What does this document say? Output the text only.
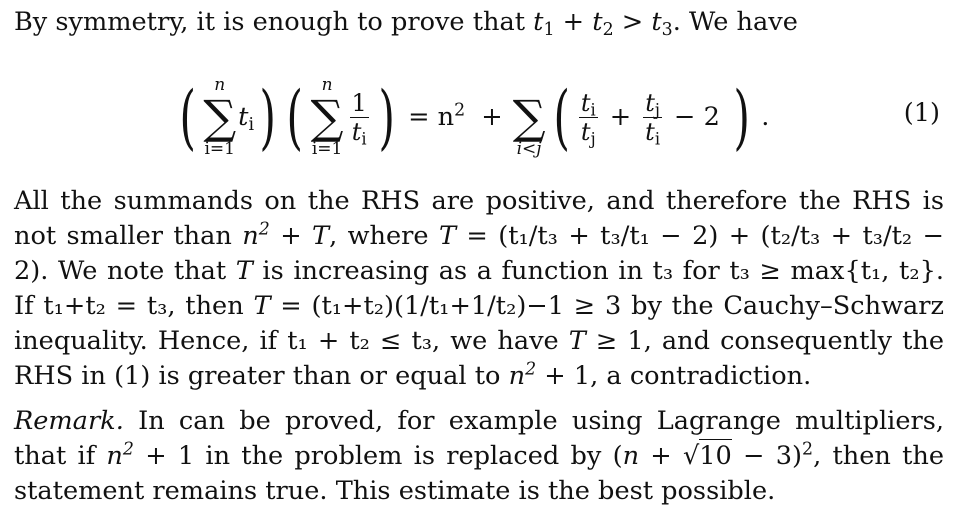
By symmetry, it is enough to prove that $t_1 + t_2 > t_3$. We have

( n
∑
i=1
$t_i$ ) ( n
∑
i=1
$\frac{1}{t_i}$ ) = $n^2$ + ∑
i<j ( $\frac{t_i}{t_j} + \frac{t_j}{t_i} - 2$ ) .	(1)

All the summands on the RHS are positive, and therefore the RHS is not smaller than $n^2 + T$, where T = (t₁/t₃ + t₃/t₁ − 2) + (t₂/t₃ + t₃/t₂ − 2). We note that T is increasing as a function in t₃ for t₃ ≥ max{t₁, t₂}. If t₁+t₂ = t₃, then T = (t₁+t₂)(1/t₁+1/t₂)−1 ≥ 3 by the Cauchy–Schwarz inequality. Hence, if t₁ + t₂ ≤ t₃, we have T ≥ 1, and consequently the RHS in (1) is greater than or equal to $n^2 + 1$, a contradiction.

Remark. In can be proved, for example using Lagrange multipliers, that if $n^2 + 1$ in the problem is replaced by $(n + √10 - 3)^2$, then the statement remains true. This estimate is the best possible.
